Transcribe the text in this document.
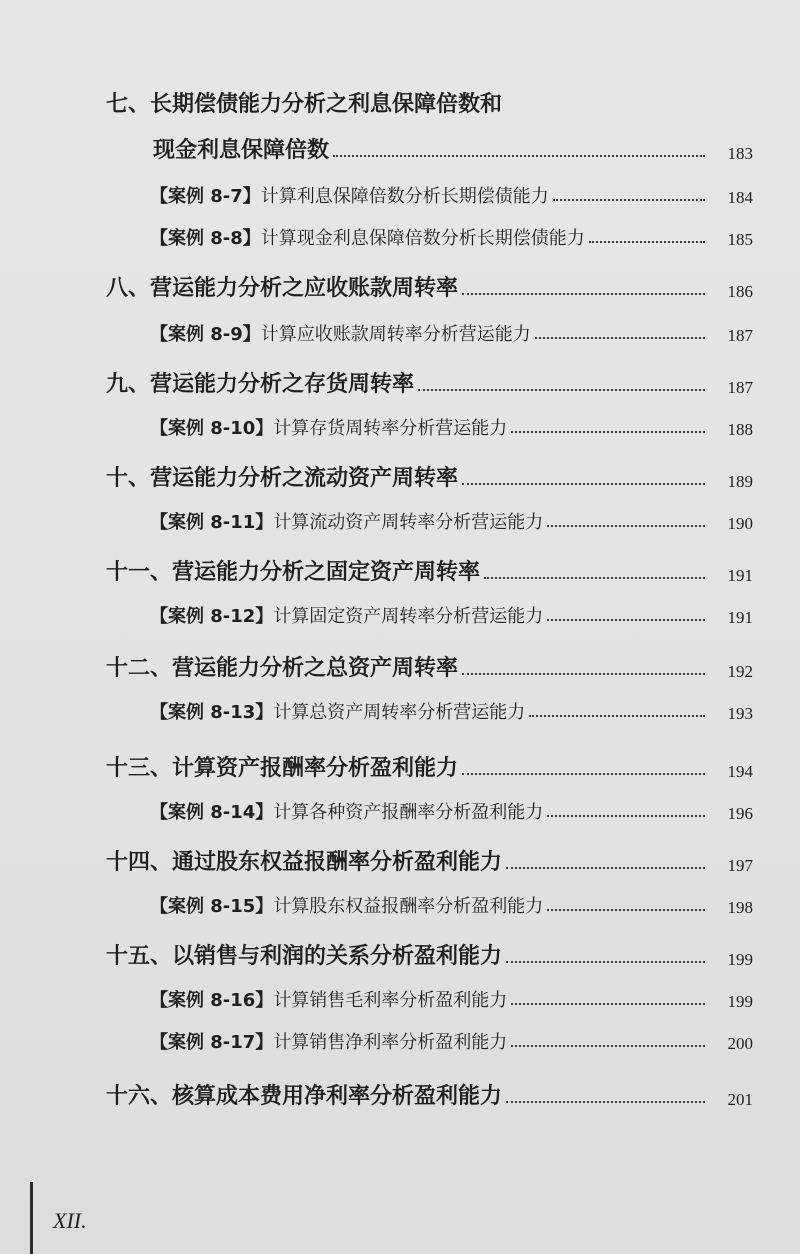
七、长期偿债能力分析之利息保障倍数和
现金利息保障倍数	183
【案例 8-7】计算利息保障倍数分析长期偿债能力	184
【案例 8-8】计算现金利息保障倍数分析长期偿债能力	185
八、营运能力分析之应收账款周转率	186
【案例 8-9】计算应收账款周转率分析营运能力	187
九、营运能力分析之存货周转率	187
【案例 8-10】计算存货周转率分析营运能力	188
十、营运能力分析之流动资产周转率	189
【案例 8-11】计算流动资产周转率分析营运能力	190
十一、营运能力分析之固定资产周转率	191
【案例 8-12】计算固定资产周转率分析营运能力	191
十二、营运能力分析之总资产周转率	192
【案例 8-13】计算总资产周转率分析营运能力	193
十三、计算资产报酬率分析盈利能力	194
【案例 8-14】计算各种资产报酬率分析盈利能力	196
十四、通过股东权益报酬率分析盈利能力	197
【案例 8-15】计算股东权益报酬率分析盈利能力	198
十五、以销售与利润的关系分析盈利能力	199
【案例 8-16】计算销售毛利率分析盈利能力	199
【案例 8-17】计算销售净利率分析盈利能力	200
十六、核算成本费用净利率分析盈利能力	201
XII.
